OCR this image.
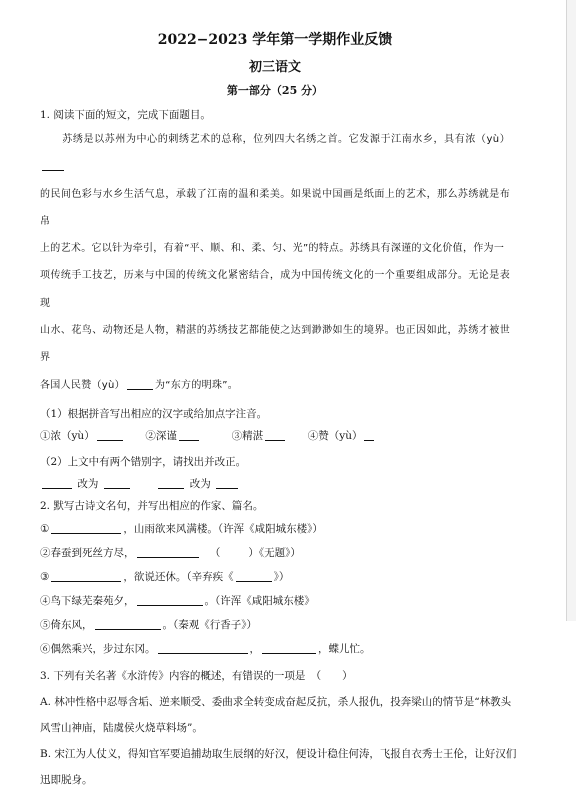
2022−2023 学年第一学期作业反馈
初三语文
第一部分（25 分）
1. 阅读下面的短文，完成下面题目。
苏绣是以苏州为中心的刺绣艺术的总称，位列四大名绣之首。它发源于江南水乡，具有浓（yù）
的民间色彩与水乡生活气息，承载了江南的温和柔美。如果说中国画是纸面上的艺术，那么苏绣就是布帛
上的艺术。它以针为牵引，有着“平、顺、和、柔、匀、光”的特点。苏绣具有深谨的文化价值，作为一
项传统手工技艺，历来与中国的传统文化紧密结合，成为中国传统文化的一个重要组成部分。无论是表现
山水、花鸟、动物还是人物，精湛的苏绣技艺都能使之达到渺渺如生的境界。也正因如此，苏绣才被世界
各国人民赞（yù）	为“东方的明珠”。
（1）根据拼音写出相应的汉字或给加点字注音。
①浓（yù）	②深谨	③精湛	④赞（yù）
（2）上文中有两个错别字，请找出并改正。
改为	改为
2. 默写古诗文名句，并写出相应的作家、篇名。
①	，山雨欲来风满楼。（许浑《咸阳城东楼》）
②春蚕到死丝方尽，	（	）《无题》）
③	，欲说还休。（辛弃疾《	》）
④鸟下绿芜秦苑夕，	。（许浑《咸阳城东楼》
⑤倚东风，	。（秦观《行香子》）
⑥偶然乘兴，步过东冈。	，	，蝶儿忙。
3. 下列有关名著《水浒传》内容的概述，有错误的一项是　（　　）
A. 林冲性格中忍辱含垢、逆来顺受、委曲求全转变成奋起反抗，杀人报仇，投奔梁山的情节是“林教头
风雪山神庙，陆虞侯火烧草料场”。
B. 宋江为人仗义，得知官军要追捕劫取生辰纲的好汉，便设计稳住何涛，飞报自衣秀士王伦，让好汉们
迅即脱身。
